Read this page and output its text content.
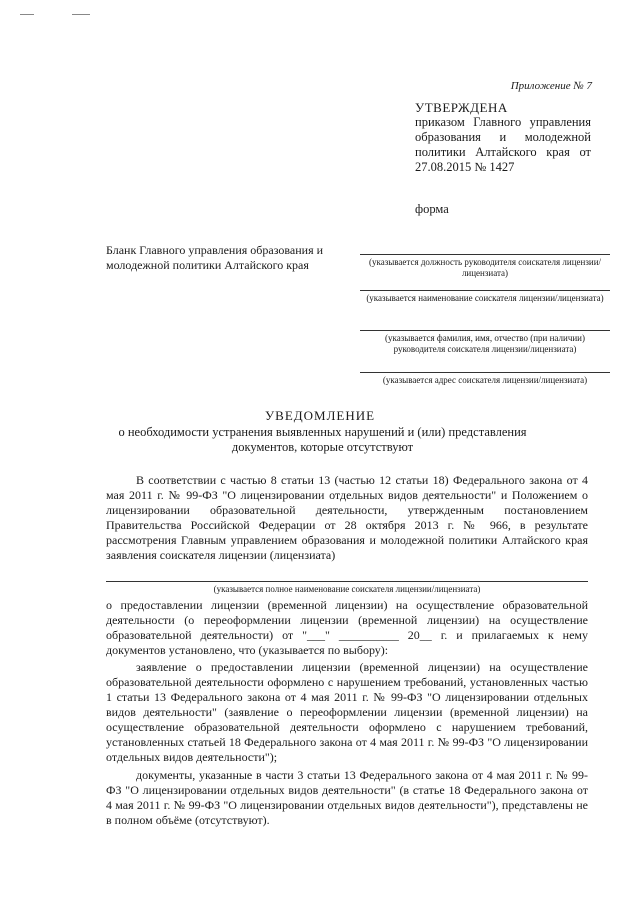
Приложение № 7
УТВЕРЖДЕНА
приказом Главного управления образования и молодежной политики Алтайского края от 27.08.2015 № 1427
форма
Бланк Главного управления образования и молодежной политики Алтайского края	(указывается должность руководителя соискателя лицензии/лицензиата)
(указывается наименование соискателя лицензии/лицензиата)
(указывается фамилия, имя, отчество (при наличии) руководителя соискателя лицензии/лицензиата)
(указывается адрес соискателя лицензии/лицензиата)
УВЕДОМЛЕНИЕ
о необходимости устранения выявленных нарушений и (или) представления документов, которые отсутствуют
В соответствии с частью 8 статьи 13 (частью 12 статьи 18) Федерального закона от 4 мая 2011 г. № 99-ФЗ "О лицензировании отдельных видов деятельности" и Положением о лицензировании образовательной деятельности, утвержденным постановлением Правительства Российской Федерации от 28 октября 2013 г. № 966, в результате рассмотрения Главным управлением образования и молодежной политики Алтайского края заявления соискателя лицензии (лицензиата)
(указывается полное наименование соискателя лицензии/лицензиата)
о предоставлении лицензии (временной лицензии) на осуществление образовательной деятельности (о переоформлении лицензии (временной лицензии) на осуществление образовательной деятельности) от "___" __________ 20__ г. и прилагаемых к нему документов установлено, что (указывается по выбору):
заявление о предоставлении лицензии (временной лицензии) на осуществление образовательной деятельности оформлено с нарушением требований, установленных частью 1 статьи 13 Федерального закона от 4 мая 2011 г. № 99-ФЗ "О лицензировании отдельных видов деятельности" (заявление о переоформлении лицензии (временной лицензии) на осуществление образовательной деятельности оформлено с нарушением требований, установленных статьей 18 Федерального закона от 4 мая 2011 г. № 99-ФЗ "О лицензировании отдельных видов деятельности");
документы, указанные в части 3 статьи 13 Федерального закона от 4 мая 2011 г. № 99-ФЗ "О лицензировании отдельных видов деятельности" (в статье 18 Федерального закона от 4 мая 2011 г. № 99-ФЗ "О лицензировании отдельных видов деятельности"), представлены не в полном объёме (отсутствуют).
